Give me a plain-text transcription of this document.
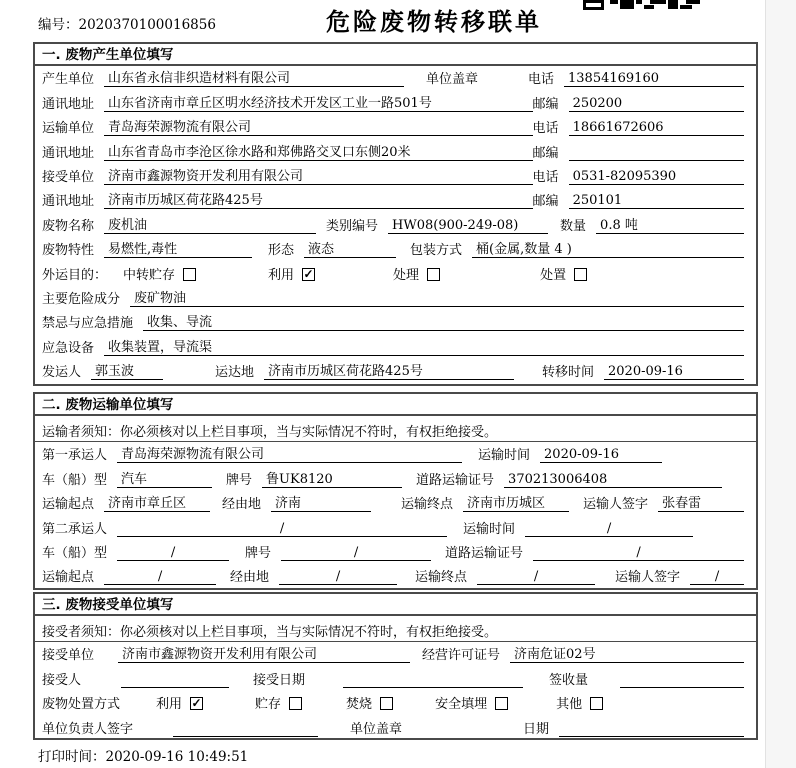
编号：2020370100016856	危险废物转移联单
一. 废物产生单位填写
产生单位	山东省永信非织造材料有限公司	单位盖章	电话	13854169160
通讯地址	山东省济南市章丘区明水经济技术开发区工业一路501号	邮编	250200
运输单位	青岛海荣源物流有限公司	电话	18661672606
通讯地址	山东省青岛市李沧区徐水路和郑佛路交叉口东侧20米	邮编
接受单位	济南市鑫源物资开发利用有限公司	电话	0531-82095390
通讯地址	济南市历城区荷花路425号	邮编	250101
废物名称	废机油	类别编号	HW08(900-249-08)	数量	0.8 吨
废物特性	易燃性,毒性	形态	液态	包装方式	桶(金属,数量 4 )
外运目的： 中转贮存	利用 ✓	处理	处置
主要危险成分	废矿物油
禁忌与应急措施	收集、导流
应急设备	收集装置，导流渠
发运人	郭玉波	运达地	济南市历城区荷花路425号	转移时间	2020-09-16
二. 废物运输单位填写
运输者须知：你必须核对以上栏目事项，当与实际情况不符时，有权拒绝接受。
第一承运人	青岛海荣源物流有限公司	运输时间	2020-09-16
车（船）型	汽车	牌号	鲁UK8120	道路运输证号	370213006408
运输起点	济南市章丘区	经由地	济南	运输终点	济南市历城区	运输人签字	张春雷
第二承运人	/	运输时间	/
车（船）型	/	牌号	/	道路运输证号	/
运输起点	/	经由地	/	运输终点	/	运输人签字	/
三. 废物接受单位填写
接受者须知：你必须核对以上栏目事项，当与实际情况不符时，有权拒绝接受。
接受单位	济南市鑫源物资开发利用有限公司	经营许可证号	济南危证02号
接受人	接受日期	签收量
废物处置方式	利用 ✓	贮存	焚烧	安全填埋	其他
单位负责人签字	单位盖章	日期
打印时间：2020-09-16 10:49:51
